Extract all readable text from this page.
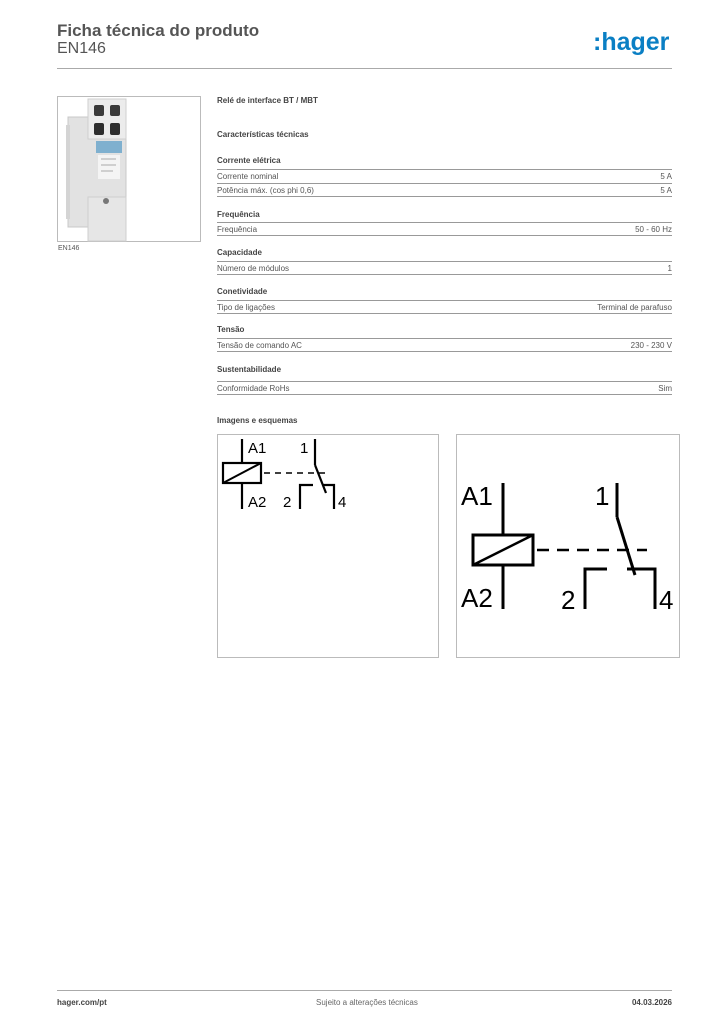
Ficha técnica do produto
EN146	:hager
EN146
Relé de interface BT / MBT
Características técnicas
Corrente elétrica
Corrente nominal	5 A
Potência máx. (cos phi 0,6)	5 A
Frequência
Frequência	50 - 60 Hz
Capacidade
Número de módulos	1
Conetividade
Tipo de ligações	Terminal de parafuso
Tensão
Tensão de comando AC	230 - 230 V
Sustentabilidade
Conformidade RoHs	Sim
Imagens e esquemas
A1
A2
1
2	4	A1
A2
1
2	4
hager.com/pt	Sujeito a alterações técnicas	04.03.2026
